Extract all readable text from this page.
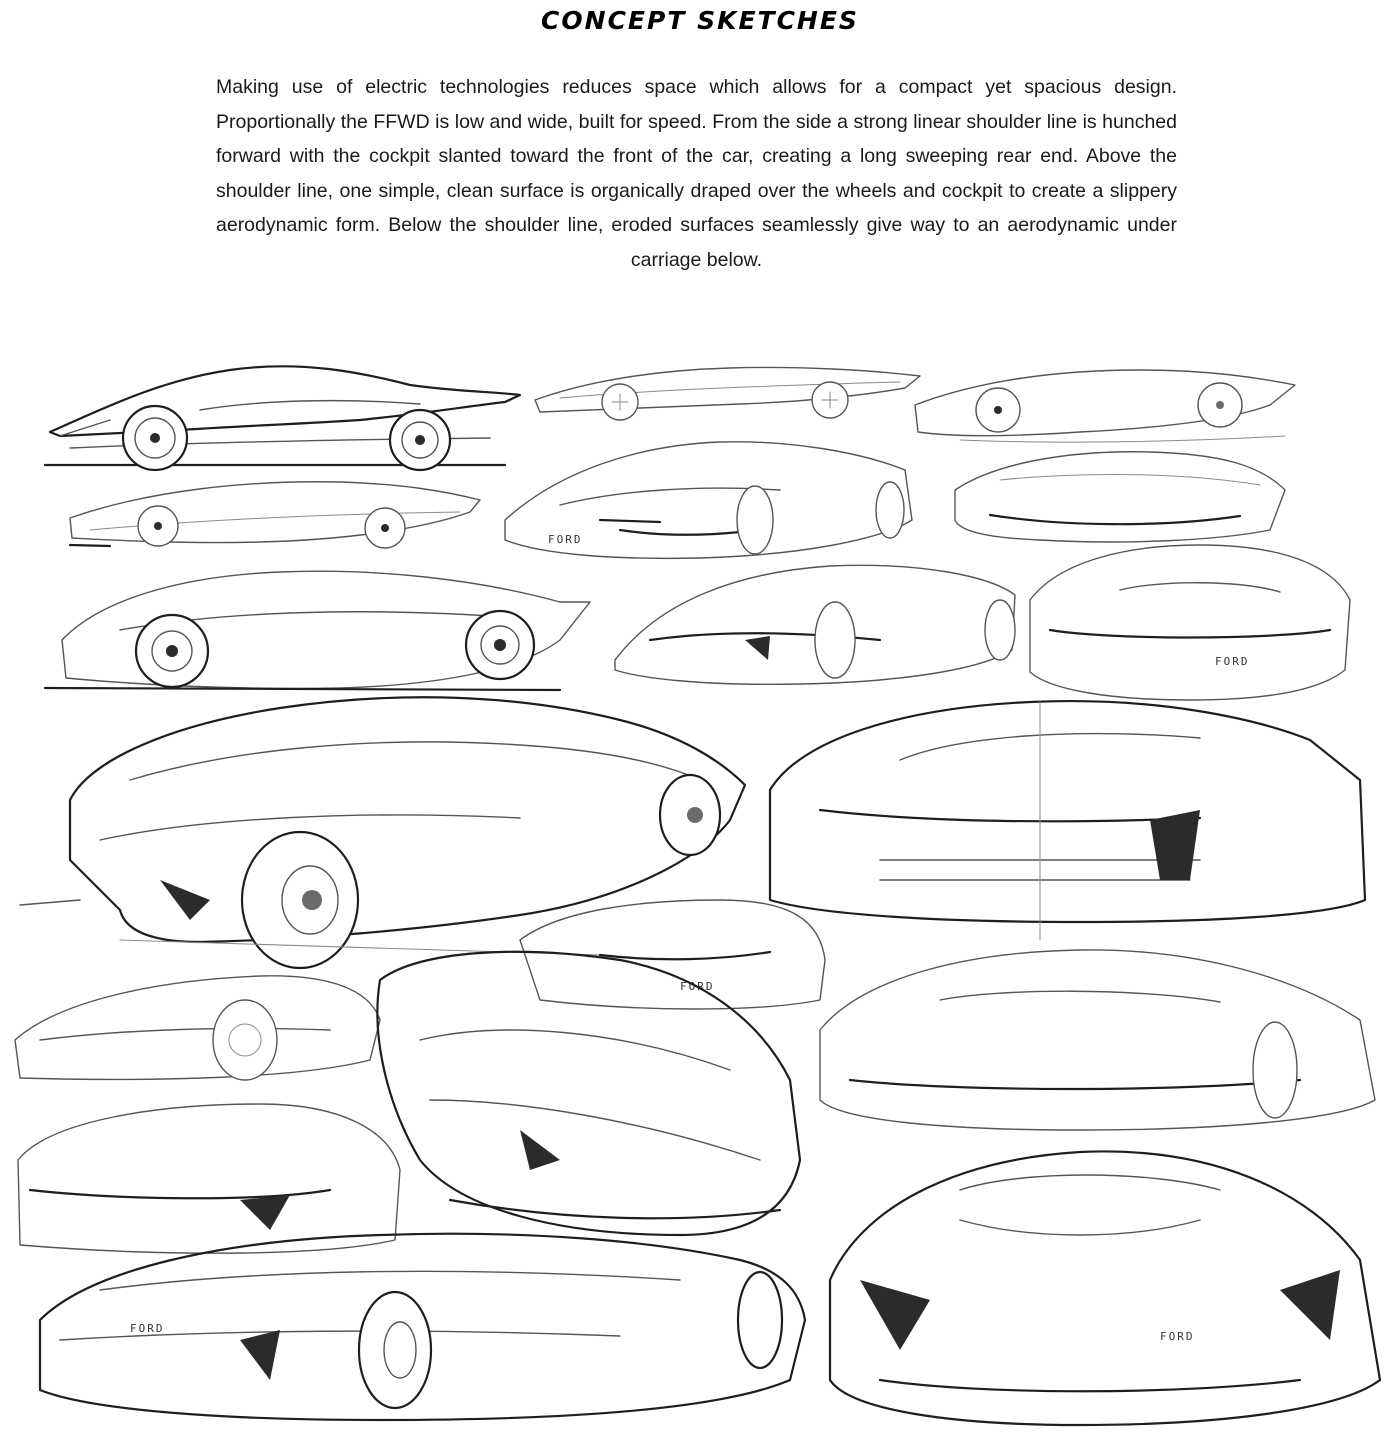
CONCEPT SKETCHES

Making use of electric technologies reduces space which allows for a compact yet spacious design. Proportionally the FFWD is low and wide, built for speed. From the side a strong linear shoulder line is hunched forward with the cockpit slanted toward the front of the car, creating a long sweeping rear end. Above the shoulder line, one simple, clean surface is organically draped over the wheels and cockpit to create a slippery aerodynamic form. Below the shoulder line, eroded surfaces seamlessly give way to an aerodynamic under carriage below.

FORD
FORD
FORD
FORD
FORD
